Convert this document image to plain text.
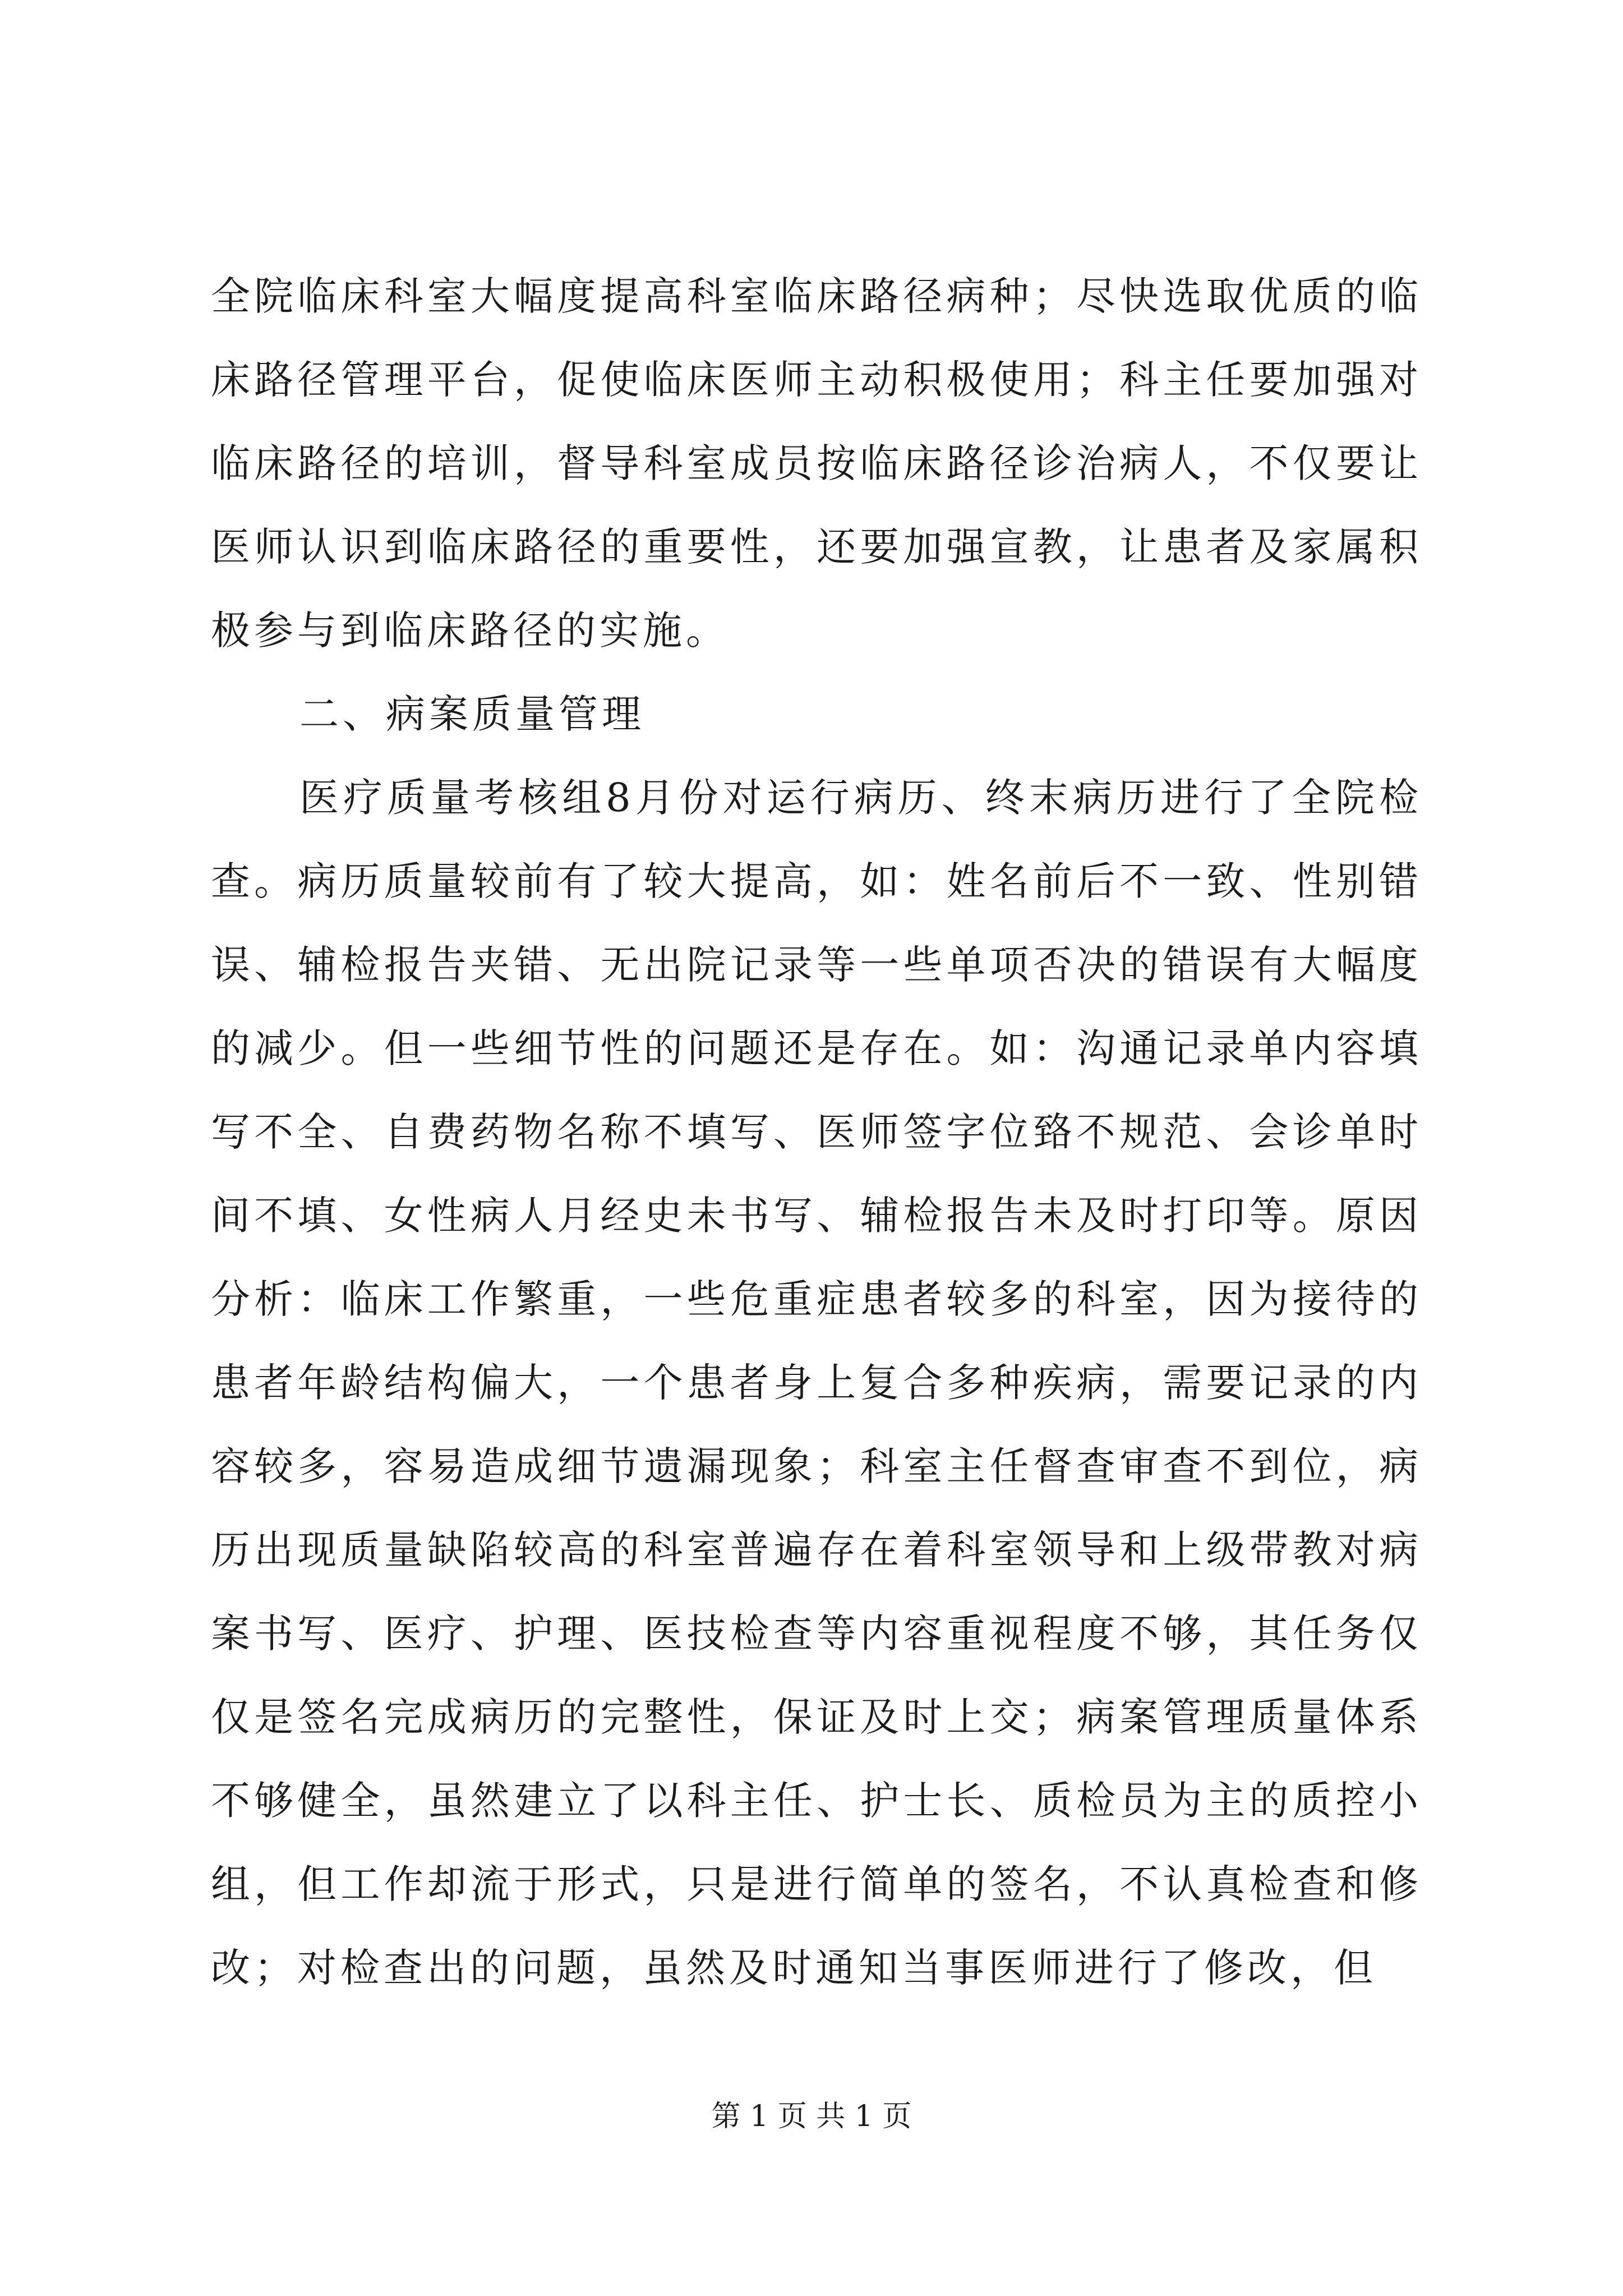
全院临床科室大幅度提高科室临床路径病种；尽快选取优质的临床路径管理平台，促使临床医师主动积极使用；科主任要加强对临床路径的培训，督导科室成员按临床路径诊治病人，不仅要让医师认识到临床路径的重要性，还要加强宣教，让患者及家属积极参与到临床路径的实施。

二、病案质量管理

医疗质量考核组8月份对运行病历、终末病历进行了全院检查。病历质量较前有了较大提高，如：姓名前后不一致、性别错误、辅检报告夹错、无出院记录等一些单项否决的错误有大幅度的减少。但一些细节性的问题还是存在。如：沟通记录单内容填写不全、自费药物名称不填写、医师签字位臵不规范、会诊单时间不填、女性病人月经史未书写、辅检报告未及时打印等。原因分析：临床工作繁重，一些危重症患者较多的科室，因为接待的患者年龄结构偏大，一个患者身上复合多种疾病，需要记录的内容较多，容易造成细节遗漏现象；科室主任督查审查不到位，病历出现质量缺陷较高的科室普遍存在着科室领导和上级带教对病案书写、医疗、护理、医技检查等内容重视程度不够，其任务仅仅是签名完成病历的完整性，保证及时上交；病案管理质量体系不够健全，虽然建立了以科主任、护士长、质检员为主的质控小组，但工作却流于形式，只是进行简单的签名，不认真检查和修改；对检查出的问题，虽然及时通知当事医师进行了修改，但

第 1 页 共 1 页
